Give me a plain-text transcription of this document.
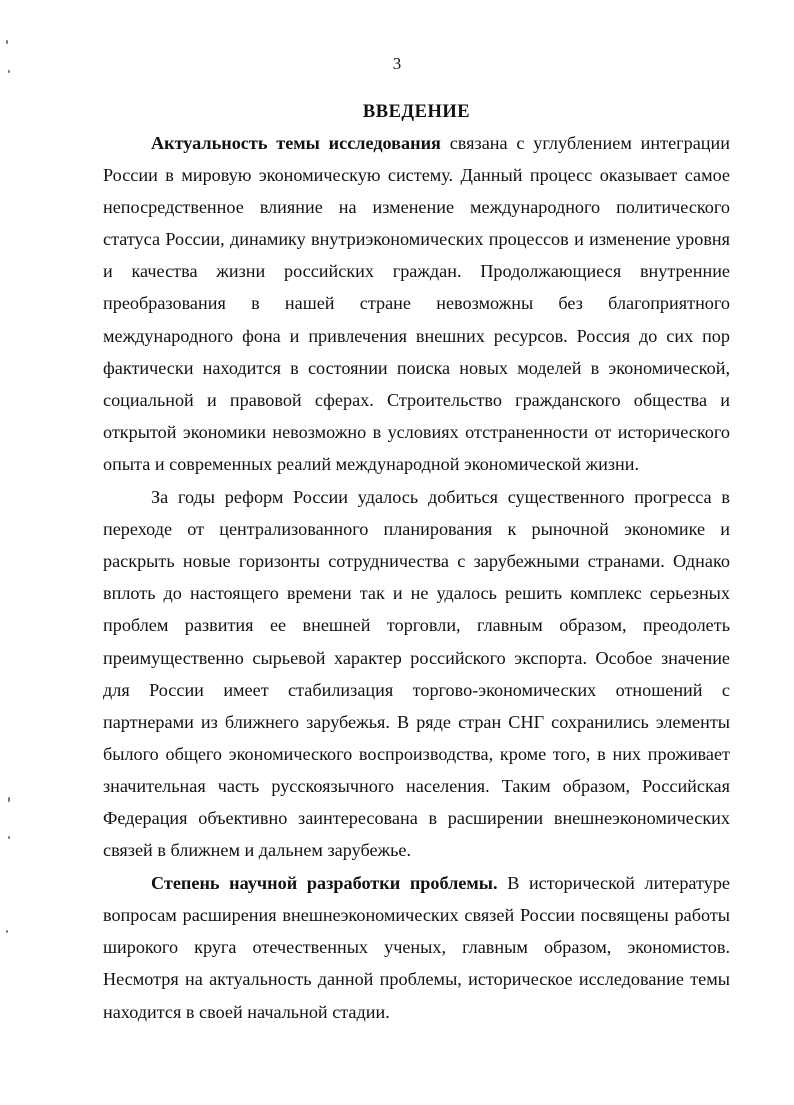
3
ВВЕДЕНИЕ

Актуальность темы исследования связана с углублением интеграции России в мировую экономическую систему. Данный процесс оказывает самое непосредственное влияние на изменение международного политического статуса России, динамику внутриэкономических процессов и изменение уровня и качества жизни российских граждан. Продолжающиеся внутренние преобразования в нашей стране невозможны без благоприятного международного фона и привлечения внешних ресурсов. Россия до сих пор фактически находится в состоянии поиска новых моделей в экономической, социальной и правовой сферах. Строительство гражданского общества и открытой экономики невозможно в условиях отстраненности от исторического опыта и современных реалий международной экономической жизни.

За годы реформ России удалось добиться существенного прогресса в переходе от централизованного планирования к рыночной экономике и раскрыть новые горизонты сотрудничества с зарубежными странами. Однако вплоть до настоящего времени так и не удалось решить комплекс серьезных проблем развития ее внешней торговли, главным образом, преодолеть преимущественно сырьевой характер российского экспорта. Особое значение для России имеет стабилизация торгово-экономических отношений с партнерами из ближнего зарубежья. В ряде стран СНГ сохранились элементы былого общего экономического воспроизводства, кроме того, в них проживает значительная часть русскоязычного населения. Таким образом, Российская Федерация объективно заинтересована в расширении внешнеэкономических связей в ближнем и дальнем зарубежье.

Степень научной разработки проблемы. В исторической литературе вопросам расширения внешнеэкономических связей России посвящены работы широкого круга отечественных ученых, главным образом, экономистов. Несмотря на актуальность данной проблемы, историческое исследование темы находится в своей начальной стадии.
